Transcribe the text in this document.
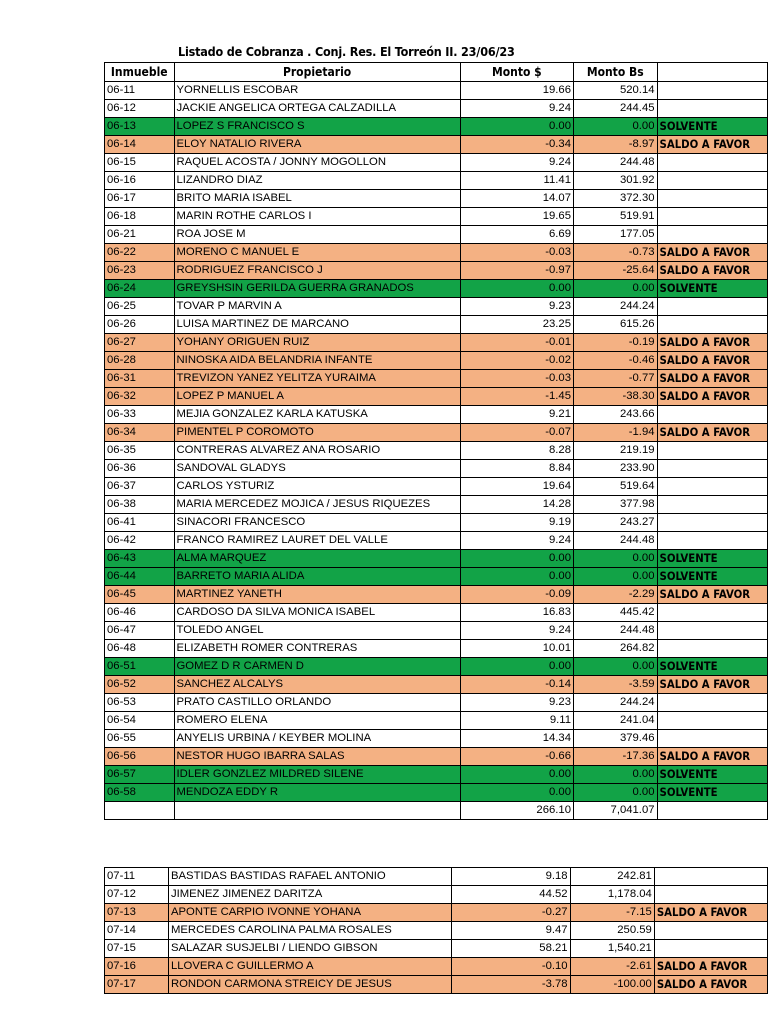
Listado de Cobranza . Conj. Res. El Torreón II. 23/06/23
Inmueble	Propietario	Monto $	Monto Bs	
06-11	YORNELLIS ESCOBAR	19.66	520.14	
06-12	JACKIE ANGELICA ORTEGA CALZADILLA	9.24	244.45	
06-13	LOPEZ S FRANCISCO S	0.00	0.00	SOLVENTE
06-14	ELOY NATALIO RIVERA	-0.34	-8.97	SALDO A FAVOR
06-15	RAQUEL ACOSTA / JONNY MOGOLLON	9.24	244.48	
06-16	LIZANDRO DIAZ	11.41	301.92	
06-17	BRITO MARIA ISABEL	14.07	372.30	
06-18	MARIN ROTHE CARLOS I	19.65	519.91	
06-21	ROA JOSE M	6.69	177.05	
06-22	MORENO C MANUEL E	-0.03	-0.73	SALDO A FAVOR
06-23	RODRIGUEZ FRANCISCO J	-0.97	-25.64	SALDO A FAVOR
06-24	GREYSHSIN GERILDA GUERRA GRANADOS	0.00	0.00	SOLVENTE
06-25	TOVAR P MARVIN A	9.23	244.24	
06-26	LUISA MARTINEZ DE MARCANO	23.25	615.26	
06-27	YOHANY ORIGUEN RUIZ	-0.01	-0.19	SALDO A FAVOR
06-28	NINOSKA AIDA BELANDRIA INFANTE	-0.02	-0.46	SALDO A FAVOR
06-31	TREVIZON YANEZ YELITZA YURAIMA	-0.03	-0.77	SALDO A FAVOR
06-32	LOPEZ P MANUEL A	-1.45	-38.30	SALDO A FAVOR
06-33	MEJIA GONZALEZ KARLA KATUSKA	9.21	243.66	
06-34	PIMENTEL P COROMOTO	-0.07	-1.94	SALDO A FAVOR
06-35	CONTRERAS ALVAREZ ANA ROSARIO	8.28	219.19	
06-36	SANDOVAL GLADYS	8.84	233.90	
06-37	CARLOS YSTURIZ	19.64	519.64	
06-38	MARIA MERCEDEZ MOJICA / JESUS RIQUEZES	14.28	377.98	
06-41	SINACORI FRANCESCO	9.19	243.27	
06-42	FRANCO RAMIREZ LAURET DEL VALLE	9.24	244.48	
06-43	ALMA MARQUEZ	0.00	0.00	SOLVENTE
06-44	BARRETO MARIA ALIDA	0.00	0.00	SOLVENTE
06-45	MARTINEZ YANETH	-0.09	-2.29	SALDO A FAVOR
06-46	CARDOSO DA SILVA MONICA ISABEL	16.83	445.42	
06-47	TOLEDO ANGEL	9.24	244.48	
06-48	ELIZABETH ROMER CONTRERAS	10.01	264.82	
06-51	GOMEZ D R CARMEN D	0.00	0.00	SOLVENTE
06-52	SANCHEZ ALCALYS	-0.14	-3.59	SALDO A FAVOR
06-53	PRATO CASTILLO ORLANDO	9.23	244.24	
06-54	ROMERO ELENA	9.11	241.04	
06-55	ANYELIS URBINA / KEYBER MOLINA	14.34	379.46	
06-56	NESTOR HUGO IBARRA SALAS	-0.66	-17.36	SALDO A FAVOR
06-57	IDLER GONZLEZ MILDRED SILENE	0.00	0.00	SOLVENTE
06-58	MENDOZA EDDY R	0.00	0.00	SOLVENTE
		266.10	7,041.07	
07-11	BASTIDAS BASTIDAS RAFAEL ANTONIO	9.18	242.81	
07-12	JIMENEZ JIMENEZ DARITZA	44.52	1,178.04	
07-13	APONTE CARPIO IVONNE YOHANA	-0.27	-7.15	SALDO A FAVOR
07-14	MERCEDES CAROLINA PALMA ROSALES	9.47	250.59	
07-15	SALAZAR SUSJELBI / LIENDO GIBSON	58.21	1,540.21	
07-16	LLOVERA C GUILLERMO A	-0.10	-2.61	SALDO A FAVOR
07-17	RONDON CARMONA STREICY DE JESUS	-3.78	-100.00	SALDO A FAVOR
